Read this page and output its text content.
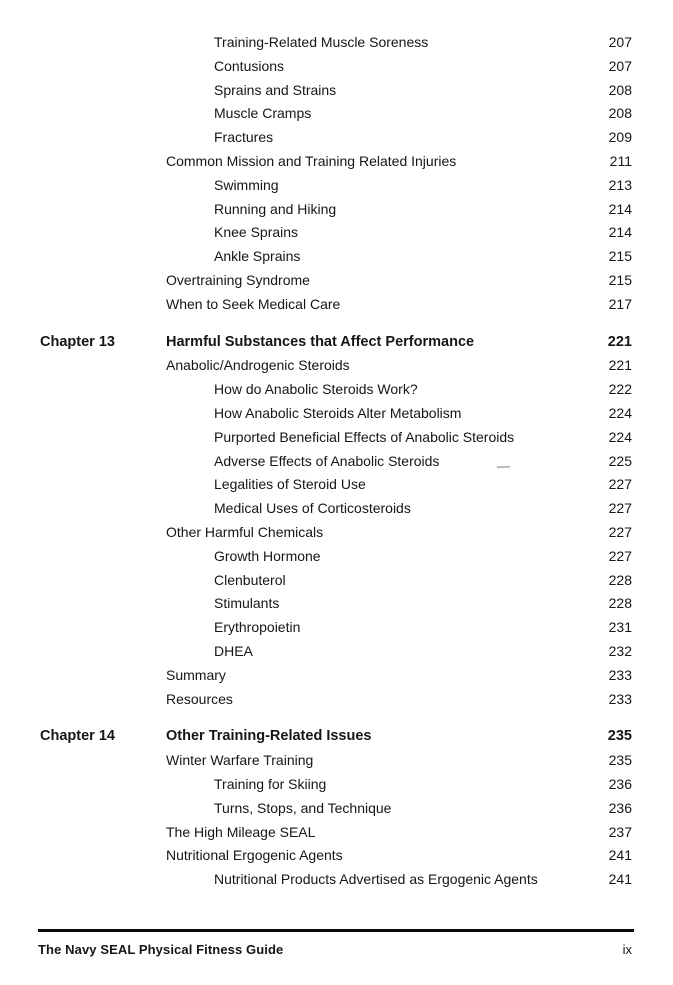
Training-Related Muscle Soreness	207
Contusions	207
Sprains and Strains	208
Muscle Cramps	208
Fractures	209
Common Mission and Training Related Injuries	211
Swimming	213
Running and Hiking	214
Knee Sprains	214
Ankle Sprains	215
Overtraining Syndrome	215
When to Seek Medical Care	217
Chapter 13	Harmful Substances that Affect Performance	221
Anabolic/Androgenic Steroids	221
How do Anabolic Steroids Work?	222
How Anabolic Steroids Alter Metabolism	224
Purported Beneficial Effects of Anabolic Steroids	224
Adverse Effects of Anabolic Steroids	225
Legalities of Steroid Use	227
Medical Uses of Corticosteroids	227
Other Harmful Chemicals	227
Growth Hormone	227
Clenbuterol	228
Stimulants	228
Erythropoietin	231
DHEA	232
Summary	233
Resources	233
Chapter 14	Other Training-Related Issues	235
Winter Warfare Training	235
Training for Skiing	236
Turns, Stops, and Technique	236
The High Mileage SEAL	237
Nutritional Ergogenic Agents	241
Nutritional Products Advertised as Ergogenic Agents	241
The Navy SEAL Physical Fitness Guide	ix
